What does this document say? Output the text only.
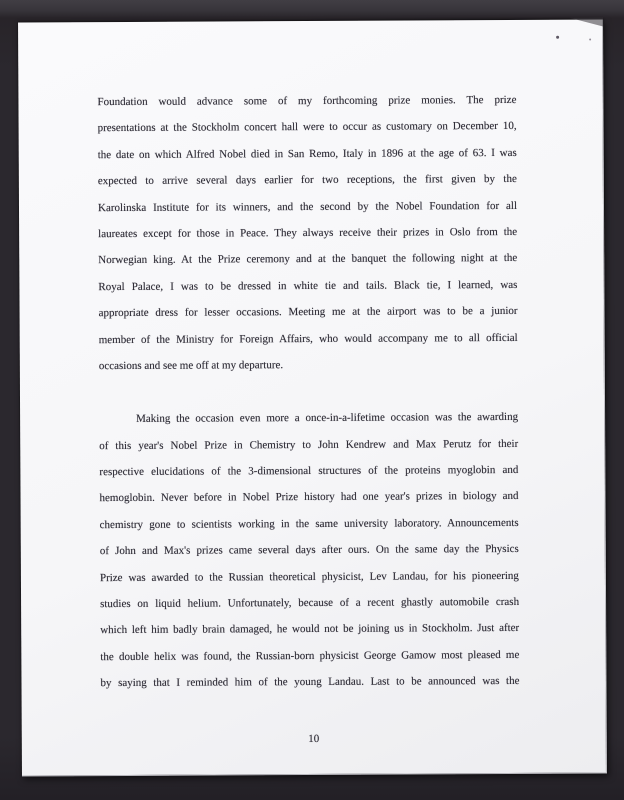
Foundation would advance some of my forthcoming prize monies. The prize
presentations at the Stockholm concert hall were to occur as customary on December 10,
the date on which Alfred Nobel died in San Remo, Italy in 1896 at the age of 63. I was
expected to arrive several days earlier for two receptions, the first given by the
Karolinska Institute for its winners, and the second by the Nobel Foundation for all
laureates except for those in Peace. They always receive their prizes in Oslo from the
Norwegian king. At the Prize ceremony and at the banquet the following night at the
Royal Palace, I was to be dressed in white tie and tails. Black tie, I learned, was
appropriate dress for lesser occasions. Meeting me at the airport was to be a junior
member of the Ministry for Foreign Affairs, who would accompany me to all official
occasions and see me off at my departure.
Making the occasion even more a once-in-a-lifetime occasion was the awarding
of this year's Nobel Prize in Chemistry to John Kendrew and Max Perutz for their
respective elucidations of the 3-dimensional structures of the proteins myoglobin and
hemoglobin. Never before in Nobel Prize history had one year's prizes in biology and
chemistry gone to scientists working in the same university laboratory. Announcements
of John and Max's prizes came several days after ours. On the same day the Physics
Prize was awarded to the Russian theoretical physicist, Lev Landau, for his pioneering
studies on liquid helium. Unfortunately, because of a recent ghastly automobile crash
which left him badly brain damaged, he would not be joining us in Stockholm. Just after
the double helix was found, the Russian-born physicist George Gamow most pleased me
by saying that I reminded him of the young Landau. Last to be announced was the
10
